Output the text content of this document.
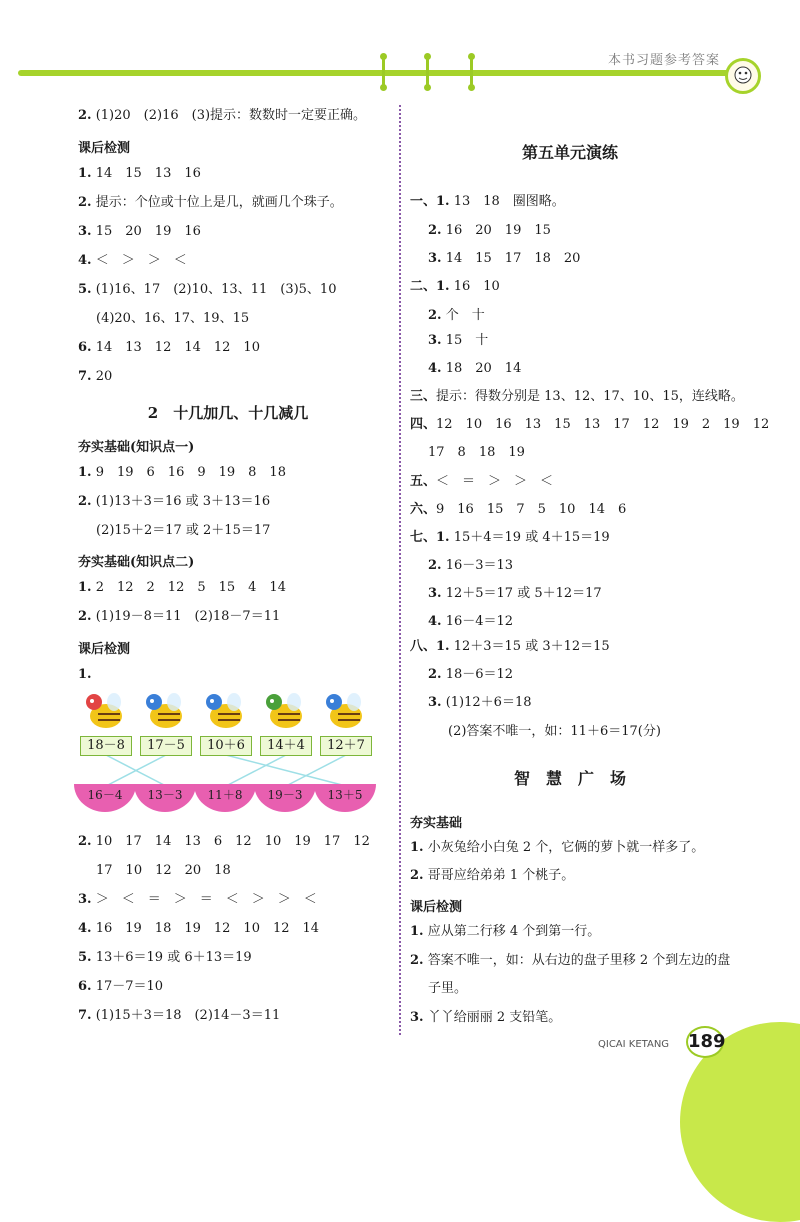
本书习题参考答案

2. (1)20　(2)16　(3)提示：数数时一定要正确。

课后检测

1. 14　15　13　16

2. 提示：个位或十位上是几，就画几个珠子。

3. 15　20　19　16

4. ＜　＞　＞　＜

5. (1)16、17　(2)10、13、11　(3)5、10

(4)20、16、17、19、15

6. 14　13　12　14　12　10

7. 20

2　十几加几、十几减几

夯实基础(知识点一)

1. 9　19　6　16　9　19　8　18

2. (1)13＋3＝16 或 3＋13＝16

(2)15＋2＝17 或 2＋15＝17

夯实基础(知识点二)

1. 2　12　2　12　5　15　4　14

2. (1)19－8＝11　(2)18－7＝11

课后检测

1.

2. 10　17　14　13　6　12　10　19　17　12

17　10　12　20　18

3. ＞　＜　＝　＞　＝　＜　＞　＞　＜

4. 16　19　18　19　12　10　12　14

5. 13＋6＝19 或 6＋13＝19

6. 17－7＝10

7. (1)15＋3＝18　(2)14－3＝11

18－8	17－5	10＋6	14＋4	12＋7
16－4	13－3	11＋8	19－3	13＋5

第五单元演练

一、1. 13　18　圈图略。

2. 16　20　19　15

3. 14　15　17　18　20

二、1. 16　10

2. 个　十

3. 15　十

4. 18　20　14

三、提示：得数分别是 13、12、17、10、15，连线略。

四、12　10　16　13　15　13　17　12　19　2　19　12

17　8　18　19

五、＜　＝　＞　＞　＜

六、9　16　15　7　5　10　14　6

七、1. 15＋4＝19 或 4＋15＝19

2. 16－3＝13

3. 12＋5＝17 或 5＋12＝17

4. 16－4＝12

八、1. 12＋3＝15 或 3＋12＝15

2. 18－6＝12

3. (1)12＋6＝18

(2)答案不唯一，如：11＋6＝17(分)

智　慧　广　场

夯实基础

1. 小灰兔给小白兔 2 个，它俩的萝卜就一样多了。

2. 哥哥应给弟弟 1 个桃子。

课后检测

1. 应从第二行移 4 个到第一行。

2. 答案不唯一，如：从右边的盘子里移 2 个到左边的盘

子里。

3. 丫丫给丽丽 2 支铅笔。

QICAI KETANG 189
